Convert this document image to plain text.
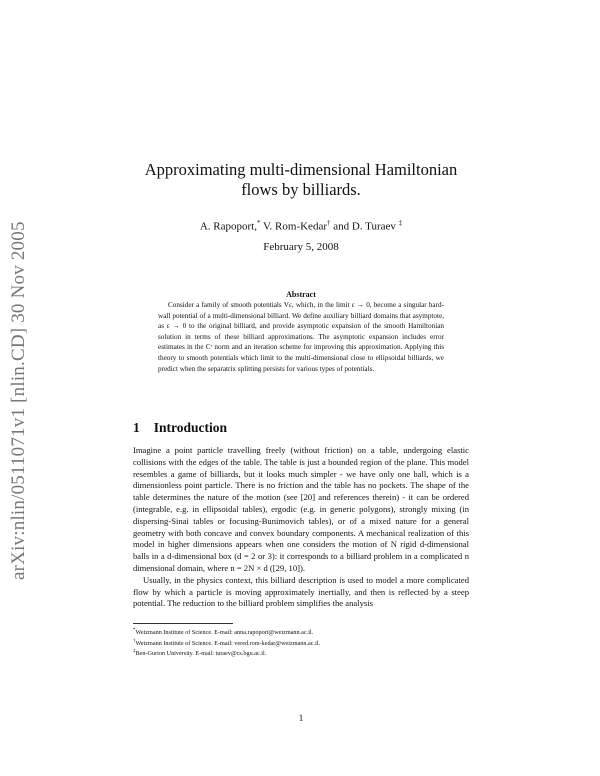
arXiv:nlin/0511071v1 [nlin.CD] 30 Nov 2005
Approximating multi-dimensional Hamiltonian
flows by billiards.
A. Rapoport,* V. Rom-Kedar† and D. Turaev ‡
February 5, 2008
Abstract

Consider a family of smooth potentials Vε, which, in the limit ε → 0, become a singular hard-wall potential of a multi-dimensional billiard. We define auxiliary billiard domains that asymptote, as ε → 0 to the original billiard, and provide asymptotic expansion of the smooth Hamiltonian solution in terms of these billiard approximations. The asymptotic expansion includes error estimates in the Cʳ norm and an iteration scheme for improving this approximation. Applying this theory to smooth potentials which limit to the multi-dimensional close to ellipsoidal billiards, we predict when the separatrix splitting persists for various types of potentials.

1 Introduction

Imagine a point particle travelling freely (without friction) on a table, undergoing elastic collisions with the edges of the table. The table is just a bounded region of the plane. This model resembles a game of billiards, but it looks much simpler - we have only one ball, which is a dimensionless point particle. There is no friction and the table has no pockets. The shape of the table determines the nature of the motion (see [20] and references therein) - it can be ordered (integrable, e.g. in ellipsoidal tables), ergodic (e.g. in generic polygons), strongly mixing (in dispersing-Sinai tables or focusing-Bunimovich tables), or of a mixed nature for a general geometry with both concave and convex boundary components. A mechanical realization of this model in higher dimensions appears when one considers the motion of N rigid d-dimensional balls in a d-dimensional box (d = 2 or 3): it corresponds to a billiard problem in a complicated n dimensional domain, where n = 2N × d ([29, 10]).

Usually, in the physics context, this billiard description is used to model a more complicated flow by which a particle is moving approximately inertially, and then is reflected by a steep potential. The reduction to the billiard problem simplifies the analysis

*Weizmann Institute of Science. E-mail: anna.rapoport@weizmann.ac.il.
†Weizmann Institute of Science. E-mail: vered.rom-kedar@weizmann.ac.il.
‡Ben-Gurion University. E-mail: turaev@cs.bgu.ac.il.
1
